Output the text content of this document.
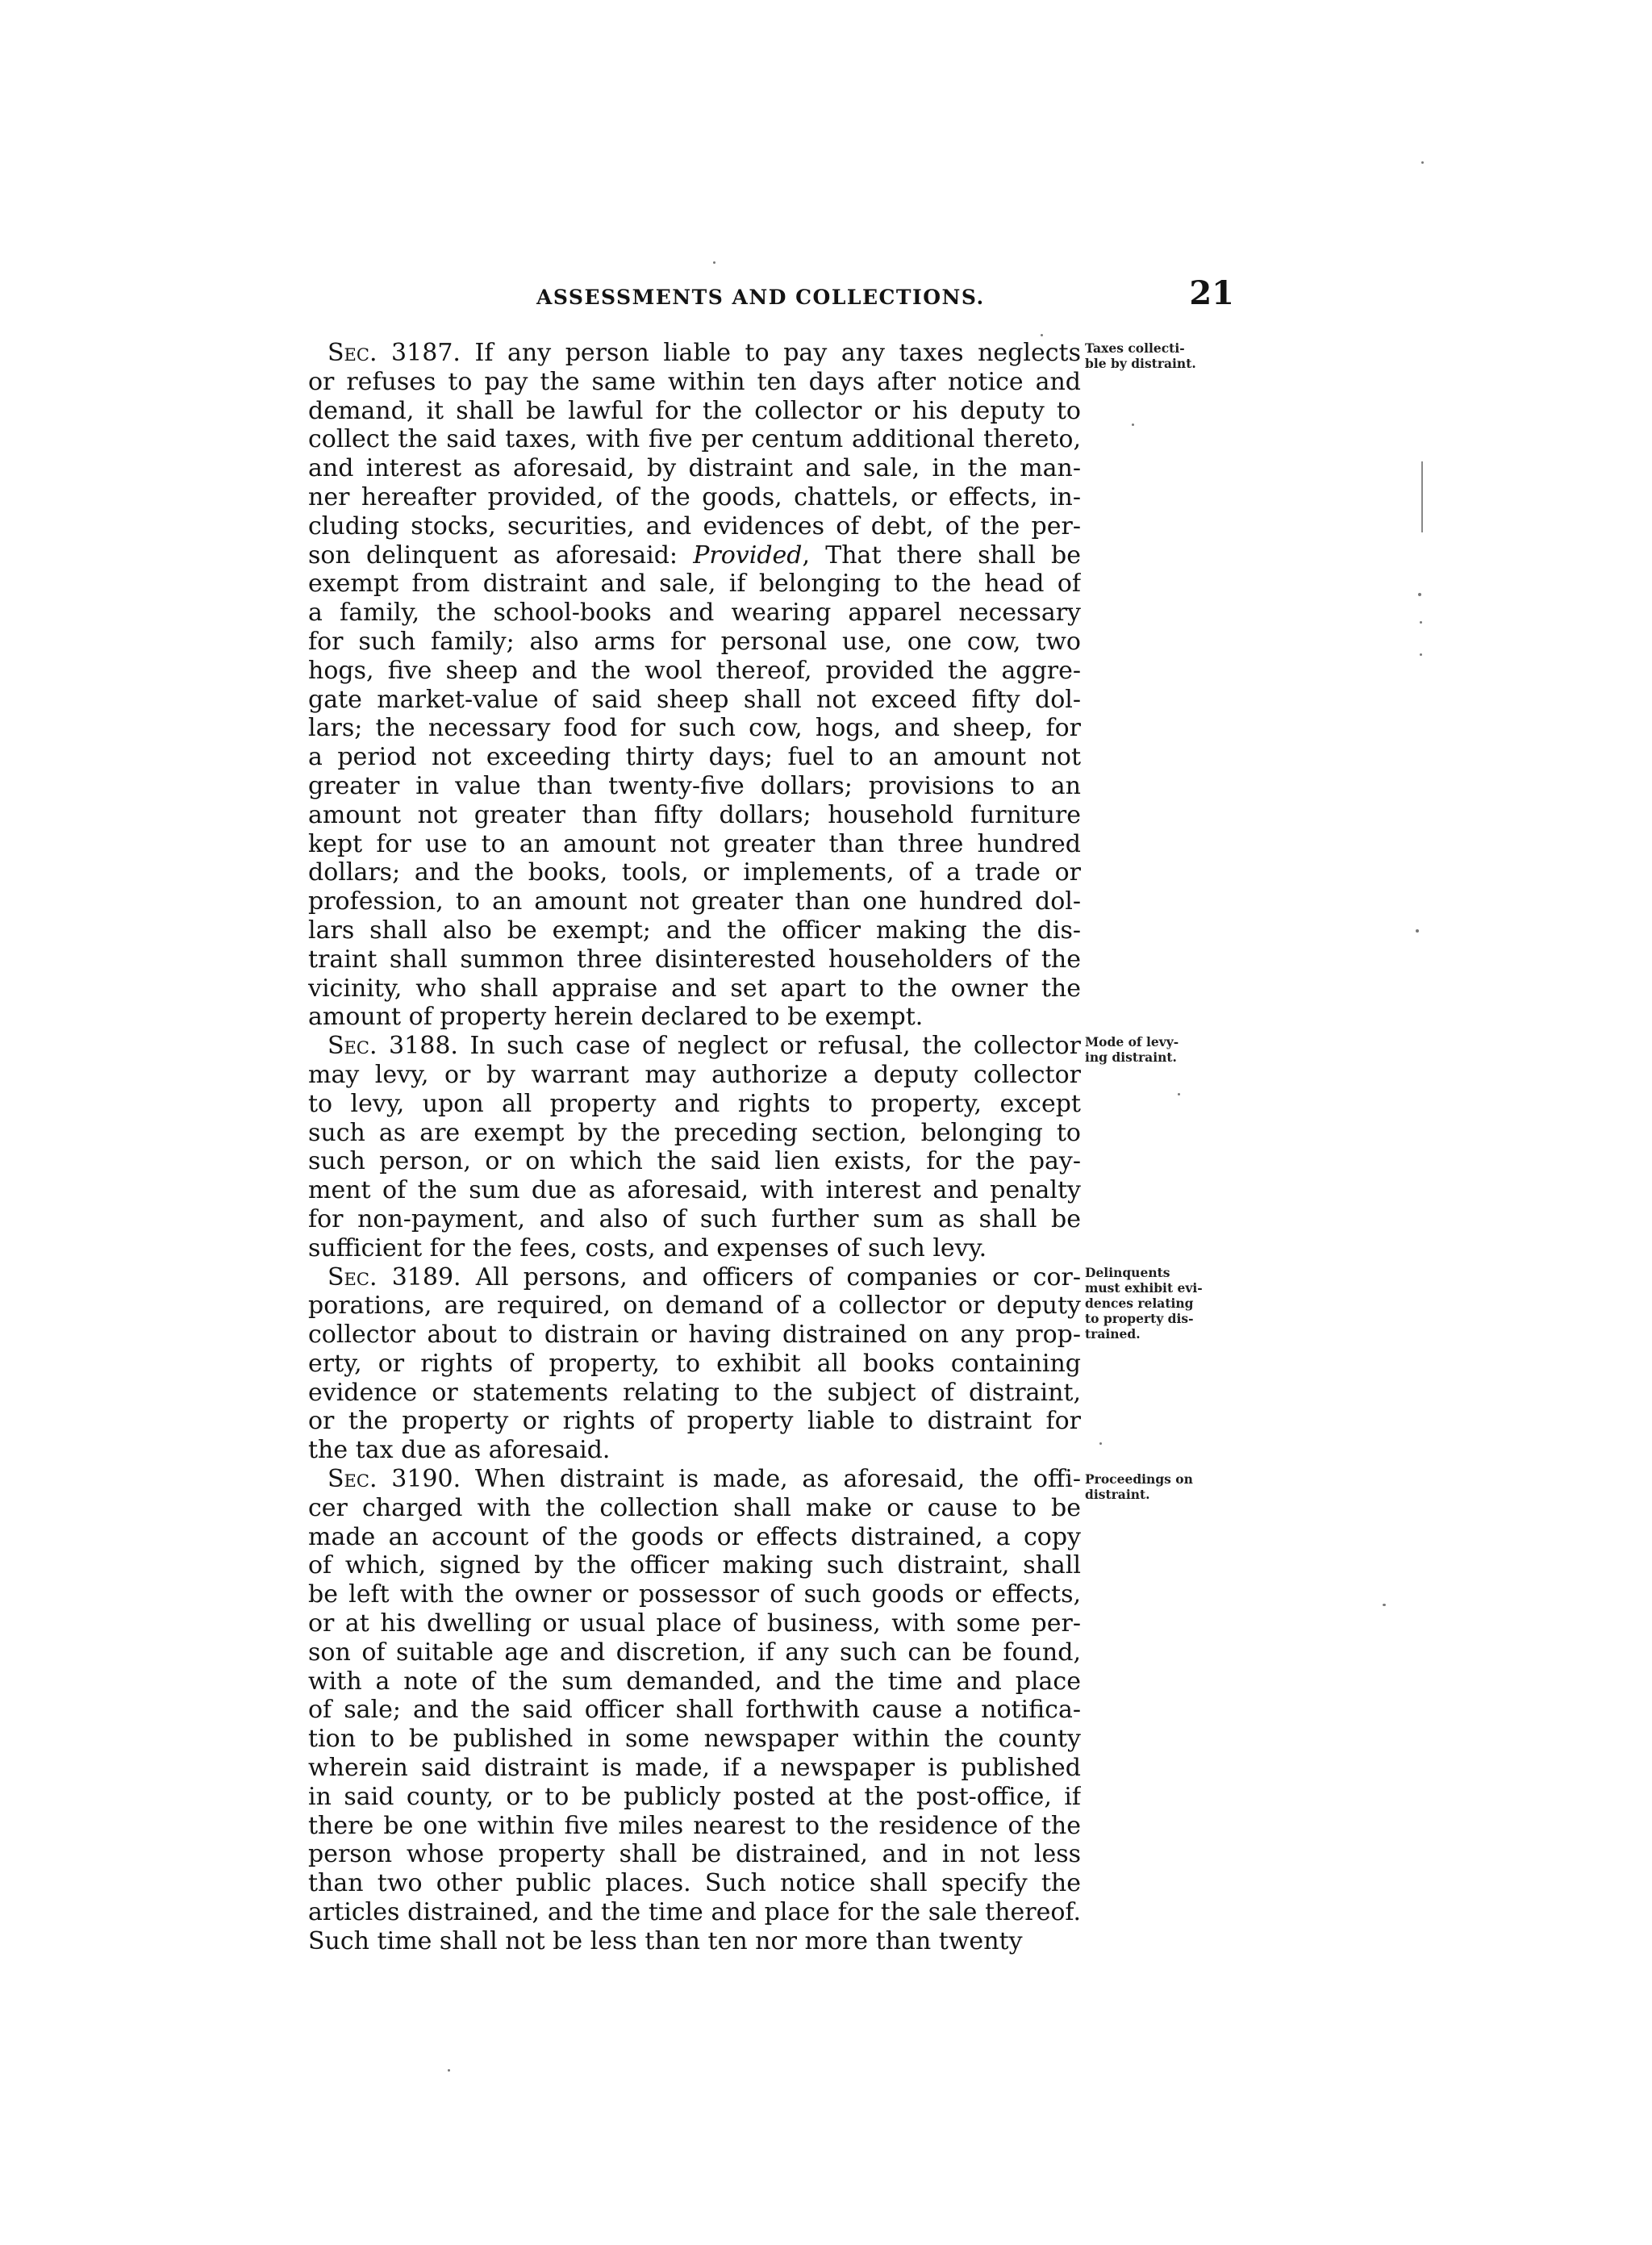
ASSESSMENTS AND COLLECTIONS.	21
Sec. 3187. If any person liable to pay any taxes neglects
or refuses to pay the same within ten days after notice and
demand, it shall be lawful for the collector or his deputy to
collect the said taxes, with five per centum additional thereto,
and interest as aforesaid, by distraint and sale, in the man-
ner hereafter provided, of the goods, chattels, or effects, in-
cluding stocks, securities, and evidences of debt, of the per-
son delinquent as aforesaid: Provided, That there shall be
exempt from distraint and sale, if belonging to the head of
a family, the school-books and wearing apparel necessary
for such family; also arms for personal use, one cow, two
hogs, five sheep and the wool thereof, provided the aggre-
gate market-value of said sheep shall not exceed fifty dol-
lars; the necessary food for such cow, hogs, and sheep, for
a period not exceeding thirty days; fuel to an amount not
greater in value than twenty-five dollars; provisions to an
amount not greater than fifty dollars; household furniture
kept for use to an amount not greater than three hundred
dollars; and the books, tools, or implements, of a trade or
profession, to an amount not greater than one hundred dol-
lars shall also be exempt; and the officer making the dis-
traint shall summon three disinterested householders of the
vicinity, who shall appraise and set apart to the owner the
amount of property herein declared to be exempt.
Sec. 3188. In such case of neglect or refusal, the collector
may levy, or by warrant may authorize a deputy collector
to levy, upon all property and rights to property, except
such as are exempt by the preceding section, belonging to
such person, or on which the said lien exists, for the pay-
ment of the sum due as aforesaid, with interest and penalty
for non-payment, and also of such further sum as shall be
sufficient for the fees, costs, and expenses of such levy.
Sec. 3189. All persons, and officers of companies or cor-
porations, are required, on demand of a collector or deputy
collector about to distrain or having distrained on any prop-
erty, or rights of property, to exhibit all books containing
evidence or statements relating to the subject of distraint,
or the property or rights of property liable to distraint for
the tax due as aforesaid.
Sec. 3190. When distraint is made, as aforesaid, the offi-
cer charged with the collection shall make or cause to be
made an account of the goods or effects distrained, a copy
of which, signed by the officer making such distraint, shall
be left with the owner or possessor of such goods or effects,
or at his dwelling or usual place of business, with some per-
son of suitable age and discretion, if any such can be found,
with a note of the sum demanded, and the time and place
of sale; and the said officer shall forthwith cause a notifica-
tion to be published in some newspaper within the county
wherein said distraint is made, if a newspaper is published
in said county, or to be publicly posted at the post-office, if
there be one within five miles nearest to the residence of the
person whose property shall be distrained, and in not less
than two other public places. Such notice shall specify the
articles distrained, and the time and place for the sale thereof.
Such time shall not be less than ten nor more than twenty
Taxes collecti-
ble by distraint.
Mode of levy-
ing distraint.
Delinquents
must exhibit evi-
dences relating
to property dis-
trained.
Proceedings on
distraint.
